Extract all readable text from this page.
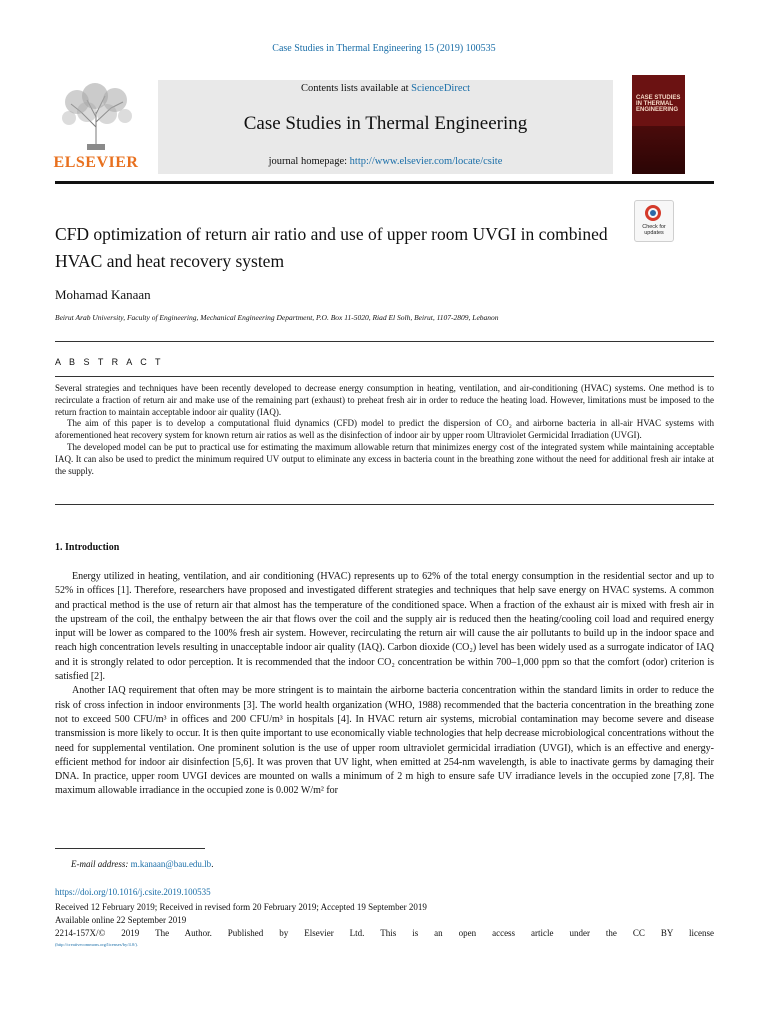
Case Studies in Thermal Engineering 15 (2019) 100535
ELSEVIER
Contents lists available at ScienceDirect
Case Studies in Thermal Engineering
journal homepage: http://www.elsevier.com/locate/csite
CASE STUDIES IN THERMAL ENGINEERING
Check for updates
CFD optimization of return air ratio and use of upper room UVGI in combined HVAC and heat recovery system
Mohamad Kanaan
Beirut Arab University, Faculty of Engineering, Mechanical Engineering Department, P.O. Box 11-5020, Riad El Solh, Beirut, 1107-2809, Lebanon
A B S T R A C T

Several strategies and techniques have been recently developed to decrease energy consumption in heating, ventilation, and air-conditioning (HVAC) systems. One method is to recirculate a fraction of return air and make use of the remaining part (exhaust) to preheat fresh air in order to reduce the heating load. However, limitations must be imposed to the return fraction to maintain acceptable indoor air quality (IAQ).

The aim of this paper is to develop a computational fluid dynamics (CFD) model to predict the dispersion of CO₂ and airborne bacteria in all-air HVAC systems with aforementioned heat recovery system for known return air ratios as well as the disinfection of indoor air by upper room Ultraviolet Germicidal Irradiation (UVGI).

The developed model can be put to practical use for estimating the maximum allowable return that minimizes energy cost of the integrated system while maintaining acceptable IAQ. It can also be used to predict the minimum required UV output to eliminate any excess in bacteria count in the breathing zone without the need for additional fresh air intake at the supply.

1. Introduction

Energy utilized in heating, ventilation, and air conditioning (HVAC) represents up to 62% of the total energy consumption in the residential sector and up to 52% in offices [1]. Therefore, researchers have proposed and investigated different strategies and techniques that help save energy on HVAC systems. A common and practical method is the use of return air that almost has the temperature of the conditioned space. When a fraction of the exhaust air is mixed with fresh air in the upstream of the coil, the enthalpy between the air that flows over the coil and the supply air is reduced then the heating/cooling coil load and required energy input will be lower as compared to the 100% fresh air system. However, recirculating the return air will cause the air pollutants to build up in the indoor space and reach high concentration levels resulting in unacceptable indoor air quality (IAQ). Carbon dioxide (CO₂) level has been widely used as a surrogate indicator of IAQ and it is strongly related to odor perception. It is recommended that the indoor CO₂ concentration be within 700–1,000 ppm so that the comfort (odor) criterion is satisfied [2].

Another IAQ requirement that often may be more stringent is to maintain the airborne bacteria concentration within the standard limits in order to reduce the risk of cross infection in indoor environments [3]. The world health organization (WHO, 1988) recommended that the bacteria concentration in the breathing zone not to exceed 500 CFU/m³ in offices and 200 CFU/m³ in hospitals [4]. In HVAC return air systems, microbial contamination may become severe and disease transmission is more likely to occur. It is then quite important to use economically viable technologies that help decrease microbiological concentrations without the need for supplemental ventilation. One prominent solution is the use of upper room ultraviolet germicidal irradiation (UVGI), which is an effective and energy-efficient method for indoor air disinfection [5,6]. It was proven that UV light, when emitted at 254-nm wavelength, is able to inactivate germs by damaging their DNA. In practice, upper room UVGI devices are mounted on walls a minimum of 2 m high to ensure safe UV irradiance levels in the occupied zone [7,8]. The maximum allowable irradiance in the occupied zone is 0.002 W/m² for

E-mail address: m.kanaan@bau.edu.lb.
https://doi.org/10.1016/j.csite.2019.100535
Received 12 February 2019; Received in revised form 20 February 2019; Accepted 19 September 2019
Available online 22 September 2019
2214-157X/© 2019 The Author. Published by Elsevier Ltd. This is an open access article under the CC BY license
(http://creativecommons.org/licenses/by/4.0/).
